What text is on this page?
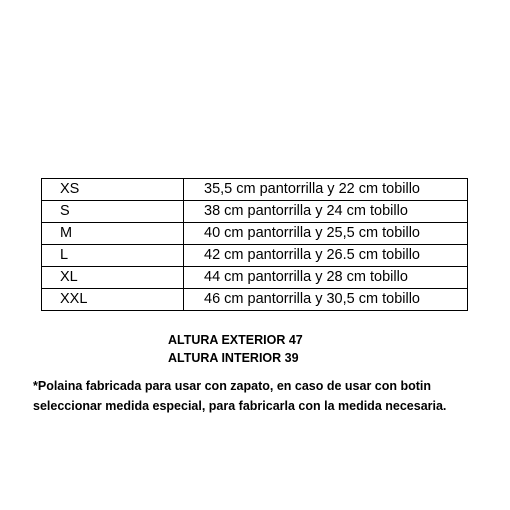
XS	35,5 cm pantorrilla y 22 cm tobillo
S	38 cm pantorrilla y 24 cm tobillo
M	40 cm pantorrilla y 25,5 cm tobillo
L	42 cm pantorrilla y 26.5 cm tobillo
XL	44 cm pantorrilla y 28 cm tobillo
XXL	46 cm pantorrilla y 30,5 cm tobillo
ALTURA EXTERIOR 47
ALTURA INTERIOR 39
*Polaina fabricada para usar con zapato, en caso de usar con botin
seleccionar medida especial, para fabricarla con la medida necesaria.
